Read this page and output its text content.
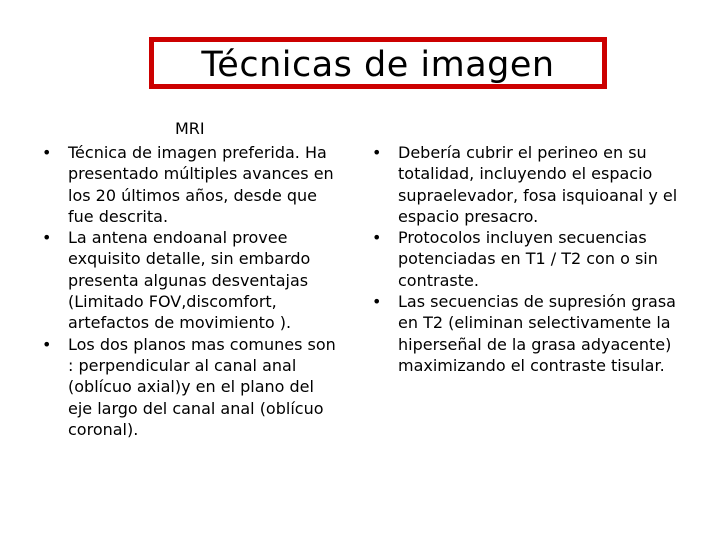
Técnicas de imagen
MRI
• Técnica de imagen preferida. Ha presentado múltiples avances en los 20 últimos años, desde que fue descrita.
• La antena endoanal provee exquisito detalle, sin embardo presenta algunas desventajas (Limitado FOV,discomfort, artefactos de movimiento ).
• Los dos planos mas comunes son : perpendicular al canal anal (oblícuo axial)y en el plano del eje largo del canal anal (oblícuo coronal).
• Debería cubrir el perineo en su totalidad, incluyendo el espacio supraelevador, fosa isquioanal y el espacio presacro.
• Protocolos incluyen secuencias potenciadas en T1 / T2 con o sin contraste.
• Las secuencias de supresión grasa en T2 (eliminan selectivamente la hiperseñal de la grasa adyacente) maximizando el contraste tisular.
